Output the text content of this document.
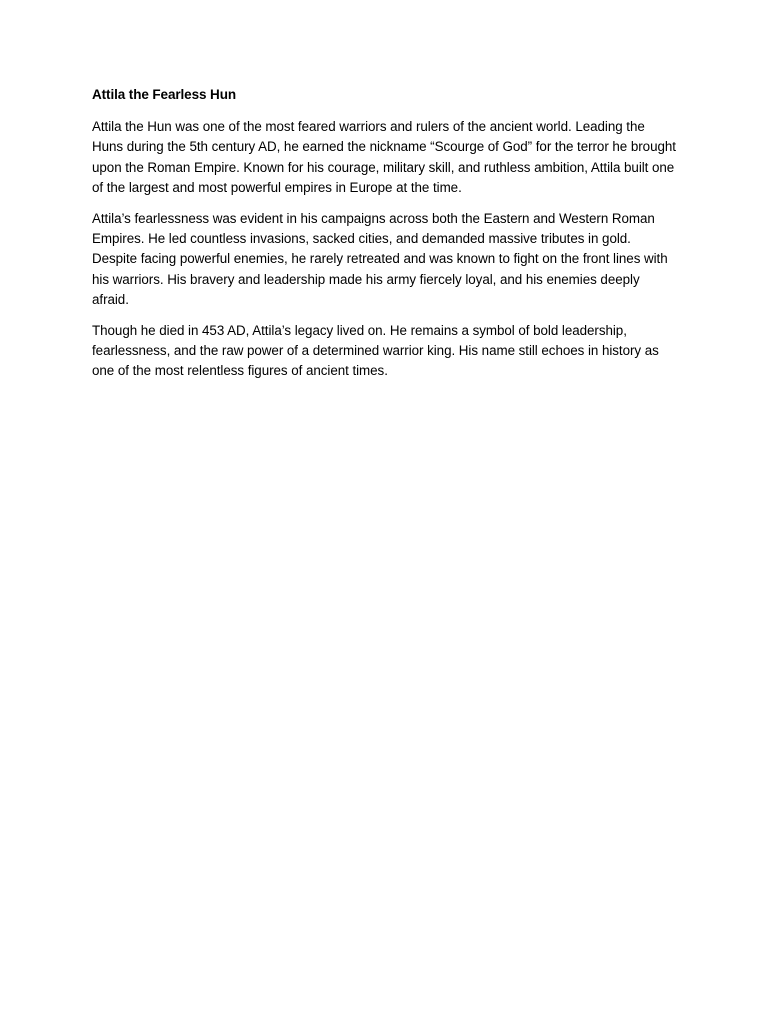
Attila the Fearless Hun

Attila the Hun was one of the most feared warriors and rulers of the ancient world. Leading the Huns during the 5th century AD, he earned the nickname “Scourge of God” for the terror he brought upon the Roman Empire. Known for his courage, military skill, and ruthless ambition, Attila built one of the largest and most powerful empires in Europe at the time.

Attila’s fearlessness was evident in his campaigns across both the Eastern and Western Roman Empires. He led countless invasions, sacked cities, and demanded massive tributes in gold. Despite facing powerful enemies, he rarely retreated and was known to fight on the front lines with his warriors. His bravery and leadership made his army fiercely loyal, and his enemies deeply afraid.

Though he died in 453 AD, Attila’s legacy lived on. He remains a symbol of bold leadership, fearlessness, and the raw power of a determined warrior king. His name still echoes in history as one of the most relentless figures of ancient times.
